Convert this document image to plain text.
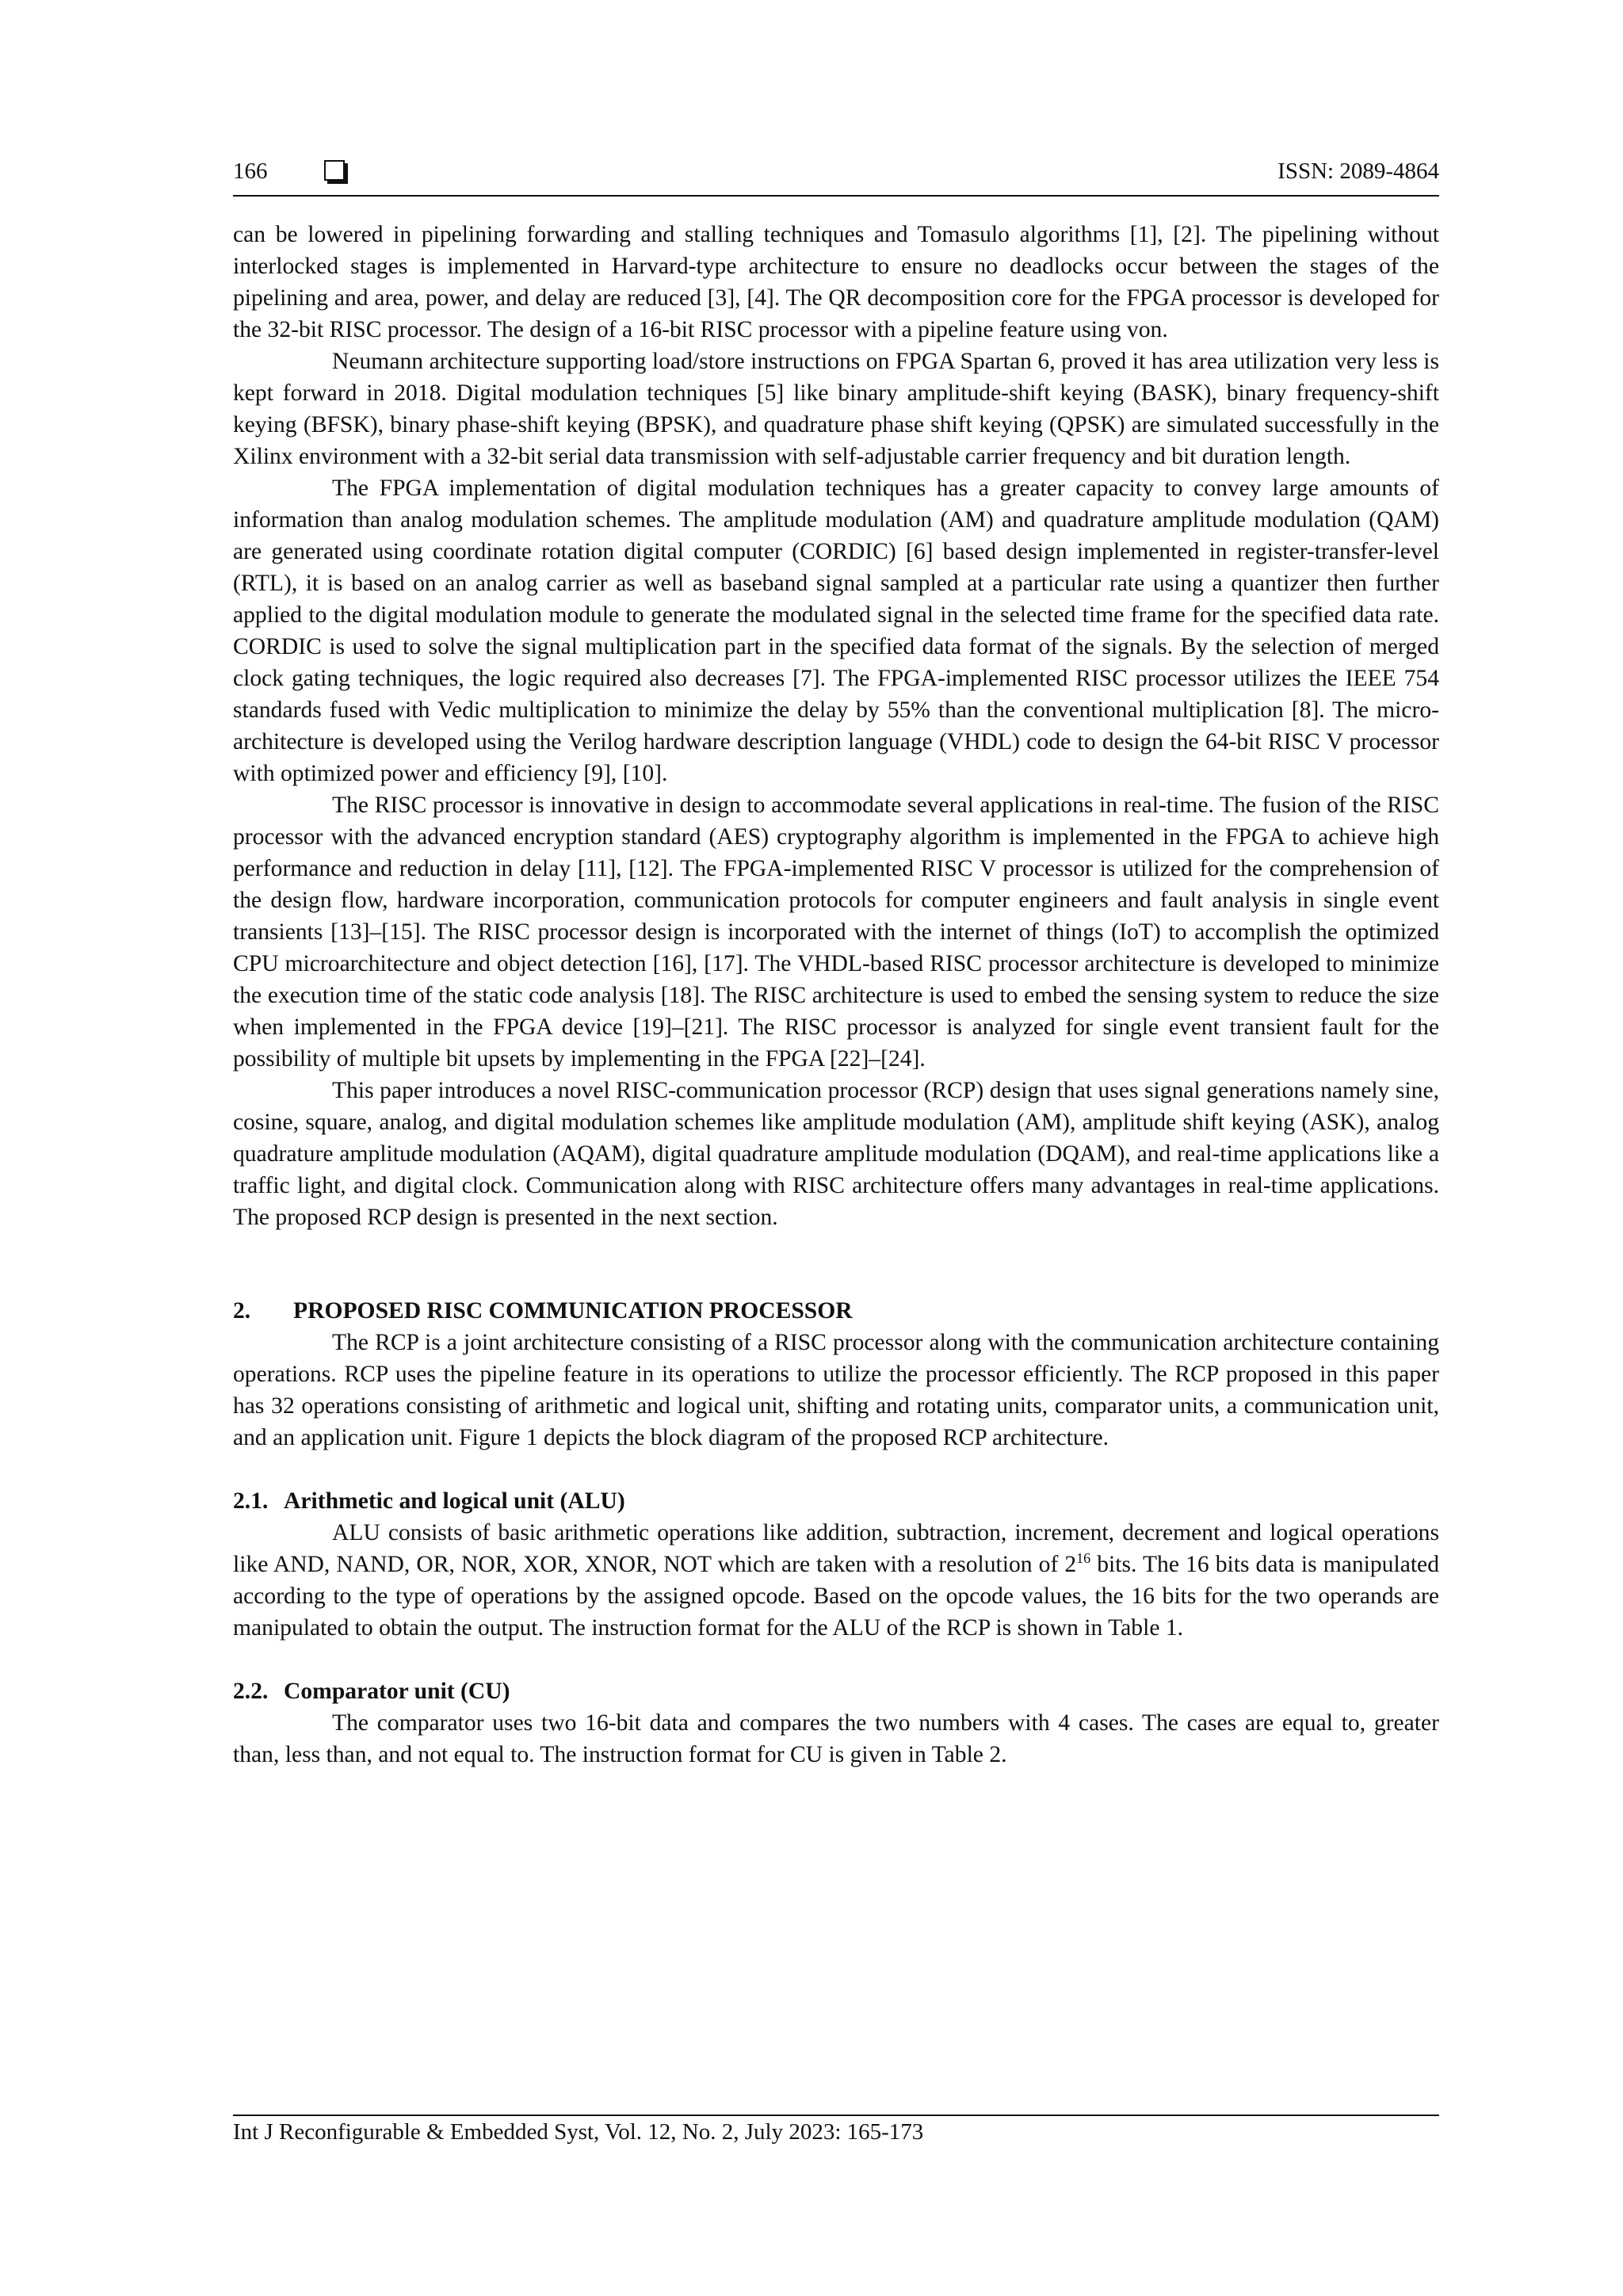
166	ISSN: 2089-4864

can be lowered in pipelining forwarding and stalling techniques and Tomasulo algorithms [1], [2]. The pipelining without interlocked stages is implemented in Harvard-type architecture to ensure no deadlocks occur between the stages of the pipelining and area, power, and delay are reduced [3], [4]. The QR decomposition core for the FPGA processor is developed for the 32-bit RISC processor. The design of a 16-bit RISC processor with a pipeline feature using von.

Neumann architecture supporting load/store instructions on FPGA Spartan 6, proved it has area utilization very less is kept forward in 2018. Digital modulation techniques [5] like binary amplitude-shift keying (BASK), binary frequency-shift keying (BFSK), binary phase-shift keying (BPSK), and quadrature phase shift keying (QPSK) are simulated successfully in the Xilinx environment with a 32-bit serial data transmission with self-adjustable carrier frequency and bit duration length.

The FPGA implementation of digital modulation techniques has a greater capacity to convey large amounts of information than analog modulation schemes. The amplitude modulation (AM) and quadrature amplitude modulation (QAM) are generated using coordinate rotation digital computer (CORDIC) [6] based design implemented in register-transfer-level (RTL), it is based on an analog carrier as well as baseband signal sampled at a particular rate using a quantizer then further applied to the digital modulation module to generate the modulated signal in the selected time frame for the specified data rate. CORDIC is used to solve the signal multiplication part in the specified data format of the signals. By the selection of merged clock gating techniques, the logic required also decreases [7]. The FPGA-implemented RISC processor utilizes the IEEE 754 standards fused with Vedic multiplication to minimize the delay by 55% than the conventional multiplication [8]. The micro-architecture is developed using the Verilog hardware description language (VHDL) code to design the 64-bit RISC V processor with optimized power and efficiency [9], [10].

The RISC processor is innovative in design to accommodate several applications in real-time. The fusion of the RISC processor with the advanced encryption standard (AES) cryptography algorithm is implemented in the FPGA to achieve high performance and reduction in delay [11], [12]. The FPGA-implemented RISC V processor is utilized for the comprehension of the design flow, hardware incorporation, communication protocols for computer engineers and fault analysis in single event transients [13]–[15]. The RISC processor design is incorporated with the internet of things (IoT) to accomplish the optimized CPU microarchitecture and object detection [16], [17]. The VHDL-based RISC processor architecture is developed to minimize the execution time of the static code analysis [18]. The RISC architecture is used to embed the sensing system to reduce the size when implemented in the FPGA device [19]–[21]. The RISC processor is analyzed for single event transient fault for the possibility of multiple bit upsets by implementing in the FPGA [22]–[24].

This paper introduces a novel RISC-communication processor (RCP) design that uses signal generations namely sine, cosine, square, analog, and digital modulation schemes like amplitude modulation (AM), amplitude shift keying (ASK), analog quadrature amplitude modulation (AQAM), digital quadrature amplitude modulation (DQAM), and real-time applications like a traffic light, and digital clock. Communication along with RISC architecture offers many advantages in real-time applications. The proposed RCP design is presented in the next section.

2. PROPOSED RISC COMMUNICATION PROCESSOR

The RCP is a joint architecture consisting of a RISC processor along with the communication architecture containing operations. RCP uses the pipeline feature in its operations to utilize the processor efficiently. The RCP proposed in this paper has 32 operations consisting of arithmetic and logical unit, shifting and rotating units, comparator units, a communication unit, and an application unit. Figure 1 depicts the block diagram of the proposed RCP architecture.

2.1. Arithmetic and logical unit (ALU)

ALU consists of basic arithmetic operations like addition, subtraction, increment, decrement and logical operations like AND, NAND, OR, NOR, XOR, XNOR, NOT which are taken with a resolution of $2^{16}$ bits. The 16 bits data is manipulated according to the type of operations by the assigned opcode. Based on the opcode values, the 16 bits for the two operands are manipulated to obtain the output. The instruction format for the ALU of the RCP is shown in Table 1.

2.2. Comparator unit (CU)

The comparator uses two 16-bit data and compares the two numbers with 4 cases. The cases are equal to, greater than, less than, and not equal to. The instruction format for CU is given in Table 2.

Int J Reconfigurable & Embedded Syst, Vol. 12, No. 2, July 2023: 165-173
